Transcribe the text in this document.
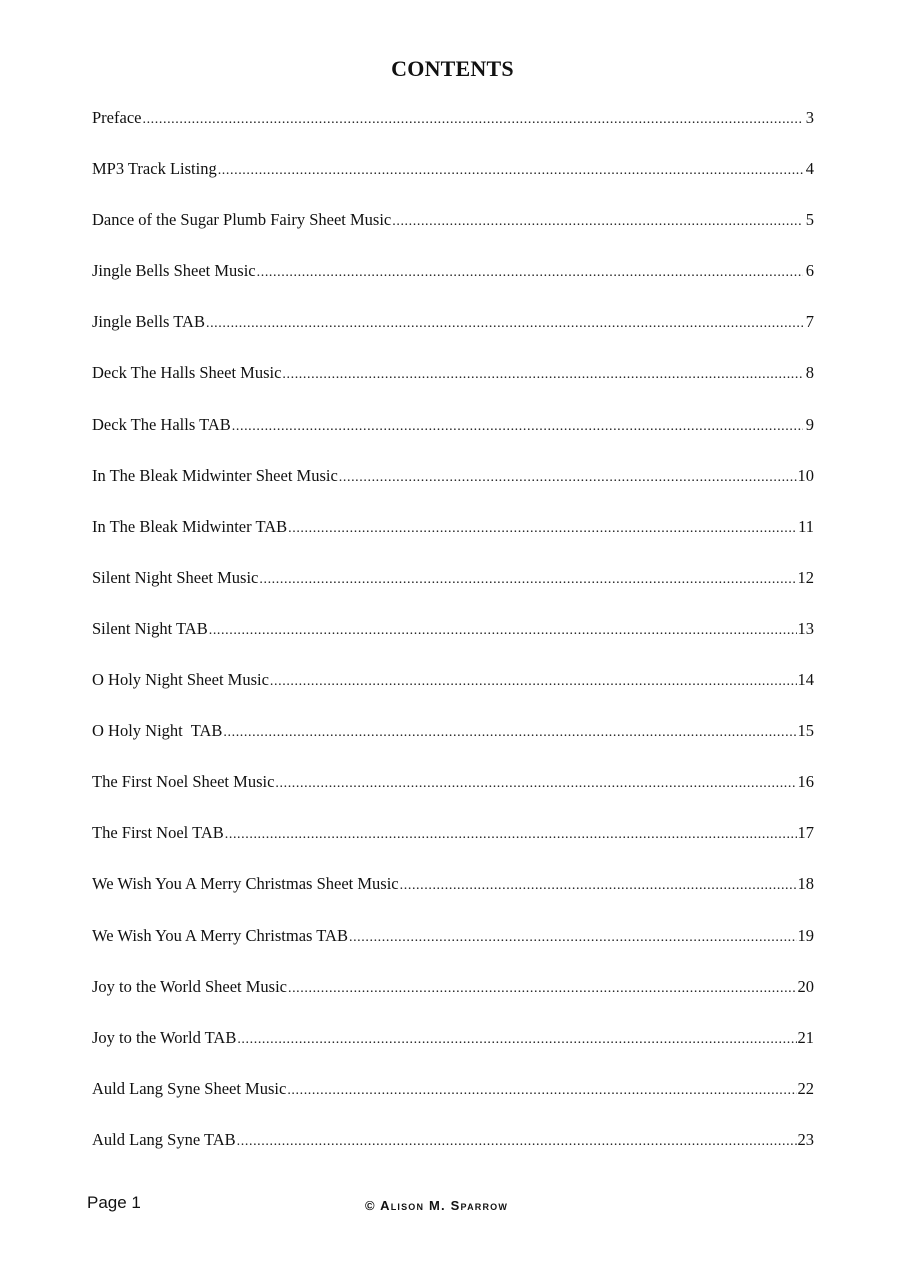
CONTENTS
Preface .....	3
MP3 Track Listing .....	4
Dance of the Sugar Plumb Fairy Sheet Music .....	5
Jingle Bells Sheet Music .....	6
Jingle Bells TAB .....	7
Deck The Halls Sheet Music .....	8
Deck The Halls TAB .....	9
In The Bleak Midwinter Sheet Music .....	10
In The Bleak Midwinter TAB .....	11
Silent Night Sheet Music .....	12
Silent Night TAB .....	13
O Holy Night Sheet Music .....	14
O Holy Night  TAB .....	15
The First Noel Sheet Music .....	16
The First Noel TAB .....	17
We Wish You A Merry Christmas Sheet Music .....	18
We Wish You A Merry Christmas TAB .....	19
Joy to the World Sheet Music .....	20
Joy to the World TAB .....	21
Auld Lang Syne Sheet Music .....	22
Auld Lang Syne TAB .....	23
Page 1	© Alison M. Sparrow
